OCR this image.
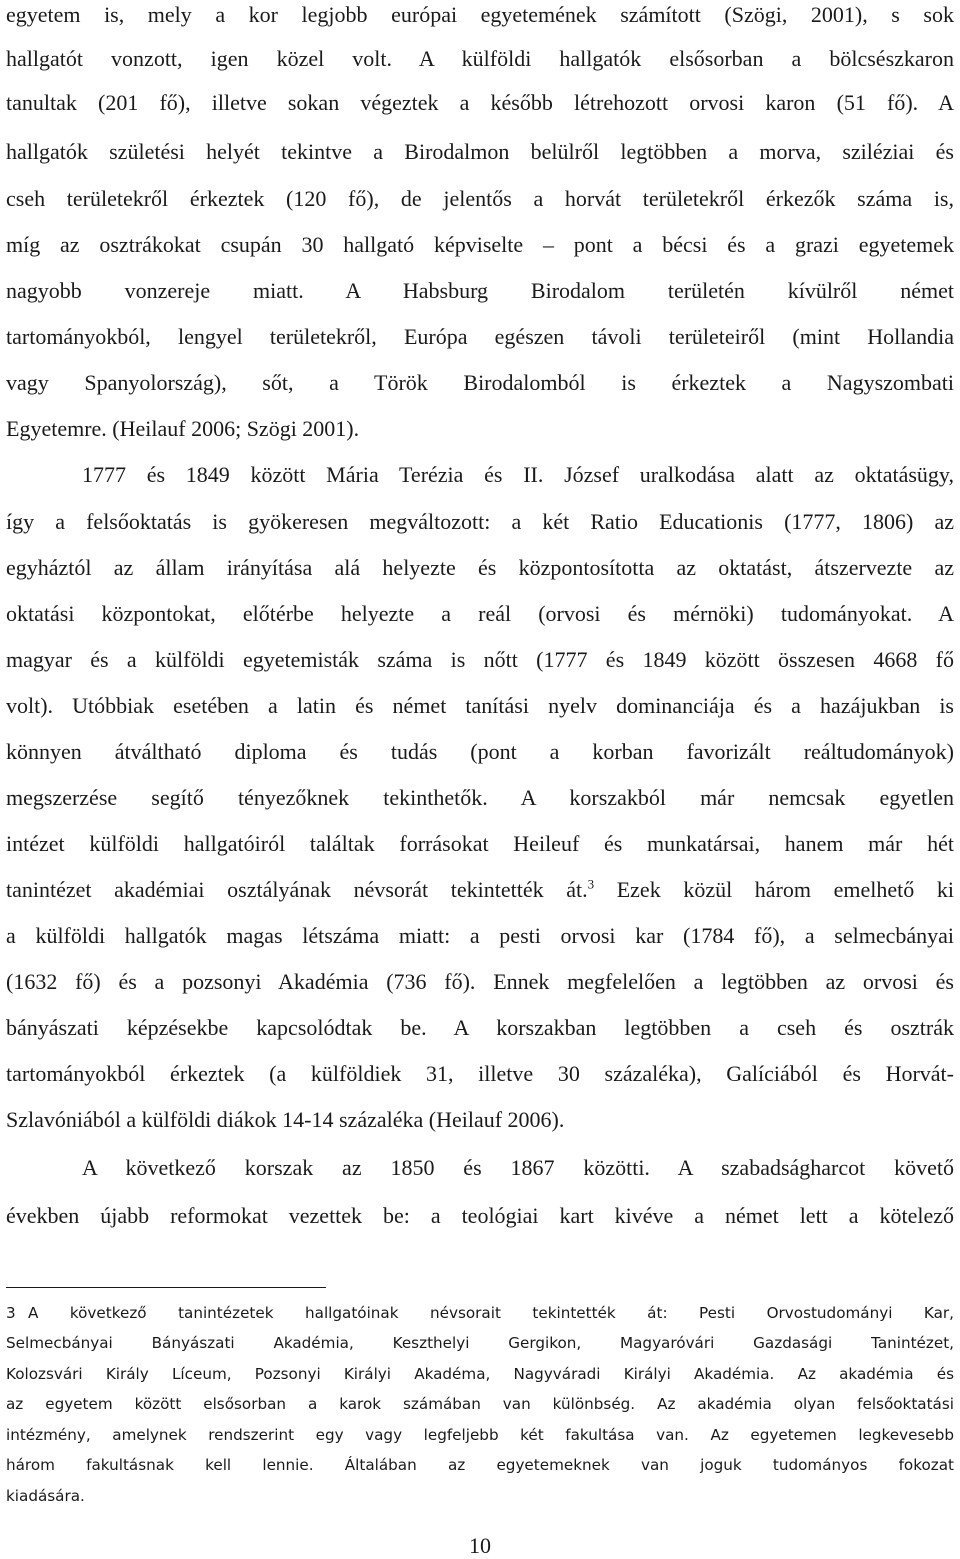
egyetem is, mely a kor legjobb európai egyetemének számított (Szögi, 2001), s sok
hallgatót vonzott, igen közel volt. A külföldi hallgatók elsősorban a bölcsészkaron
tanultak (201 fő), illetve sokan végeztek a később létrehozott orvosi karon (51 fő). A
hallgatók születési helyét tekintve a Birodalmon belülről legtöbben a morva, sziléziai és
cseh területekről érkeztek (120 fő), de jelentős a horvát területekről érkezők száma is,
míg az osztrákokat csupán 30 hallgató képviselte – pont a bécsi és a grazi egyetemek
nagyobb vonzereje miatt. A Habsburg Birodalom területén kívülről német
tartományokból, lengyel területekről, Európa egészen távoli területeiről (mint Hollandia
vagy Spanyolország), sőt, a Török Birodalomból is érkeztek a Nagyszombati
Egyetemre. (Heilauf 2006; Szögi 2001).
1777 és 1849 között Mária Terézia és II. József uralkodása alatt az oktatásügy,
így a felsőoktatás is gyökeresen megváltozott: a két Ratio Educationis (1777, 1806) az
egyháztól az állam irányítása alá helyezte és központosította az oktatást, átszervezte az
oktatási központokat, előtérbe helyezte a reál (orvosi és mérnöki) tudományokat. A
magyar és a külföldi egyetemisták száma is nőtt (1777 és 1849 között összesen 4668 fő
volt). Utóbbiak esetében a latin és német tanítási nyelv dominanciája és a hazájukban is
könnyen átváltható diploma és tudás (pont a korban favorizált reáltudományok)
megszerzése segítő tényezőknek tekinthetők. A korszakból már nemcsak egyetlen
intézet külföldi hallgatóiról találtak forrásokat Heileuf és munkatársai, hanem már hét
tanintézet akadémiai osztályának névsorát tekintették át.$^3$ Ezek közül három emelhető ki
a külföldi hallgatók magas létszáma miatt: a pesti orvosi kar (1784 fő), a selmecbányai
(1632 fő) és a pozsonyi Akadémia (736 fő). Ennek megfelelően a legtöbben az orvosi és
bányászati képzésekbe kapcsolódtak be. A korszakban legtöbben a cseh és osztrák
tartományokból érkeztek (a külföldiek 31, illetve 30 százaléka), Galíciából és Horvát-
Szlavóniából a külföldi diákok 14-14 százaléka (Heilauf 2006).
A következő korszak az 1850 és 1867 közötti. A szabadságharcot követő
években újabb reformokat vezettek be: a teológiai kart kivéve a német lett a kötelező
3 A következő tanintézetek hallgatóinak névsorait tekintették át: Pesti Orvostudományi Kar,
Selmecbányai Bányászati Akadémia, Keszthelyi Gergikon, Magyaróvári Gazdasági Tanintézet,
Kolozsvári Király Líceum, Pozsonyi Királyi Akadéma, Nagyváradi Királyi Akadémia. Az akadémia és
az egyetem között elsősorban a karok számában van különbség. Az akadémia olyan felsőoktatási
intézmény, amelynek rendszerint egy vagy legfeljebb két fakultása van. Az egyetemen legkevesebb
három fakultásnak kell lennie. Általában az egyetemeknek van joguk tudományos fokozat
kiadására.
10
